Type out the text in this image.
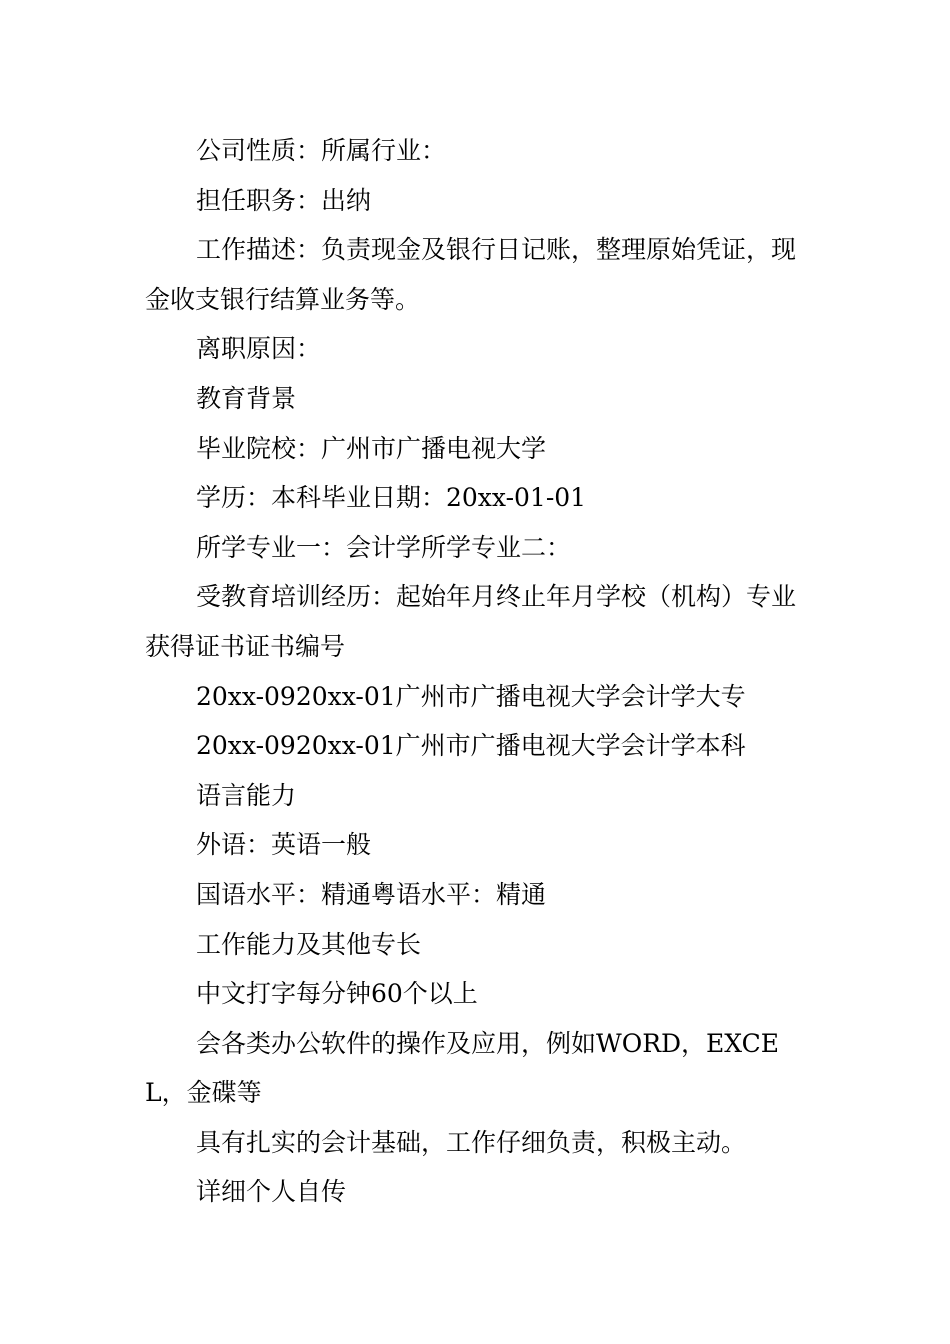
公司性质：所属行业：

担任职务：出纳

工作描述：负责现金及银行日记账，整理原始凭证，现金收支银行结算业务等。

离职原因：

教育背景

毕业院校：广州市广播电视大学

学历：本科毕业日期：20xx-01-01

所学专业一：会计学所学专业二：

受教育培训经历：起始年月终止年月学校（机构）专业获得证书证书编号

20xx-0920xx-01广州市广播电视大学会计学大专

20xx-0920xx-01广州市广播电视大学会计学本科

语言能力

外语：英语一般

国语水平：精通粤语水平：精通

工作能力及其他专长

中文打字每分钟60个以上

会各类办公软件的操作及应用，例如WORD，EXCEL，金碟等

具有扎实的会计基础，工作仔细负责，积极主动。

详细个人自传
